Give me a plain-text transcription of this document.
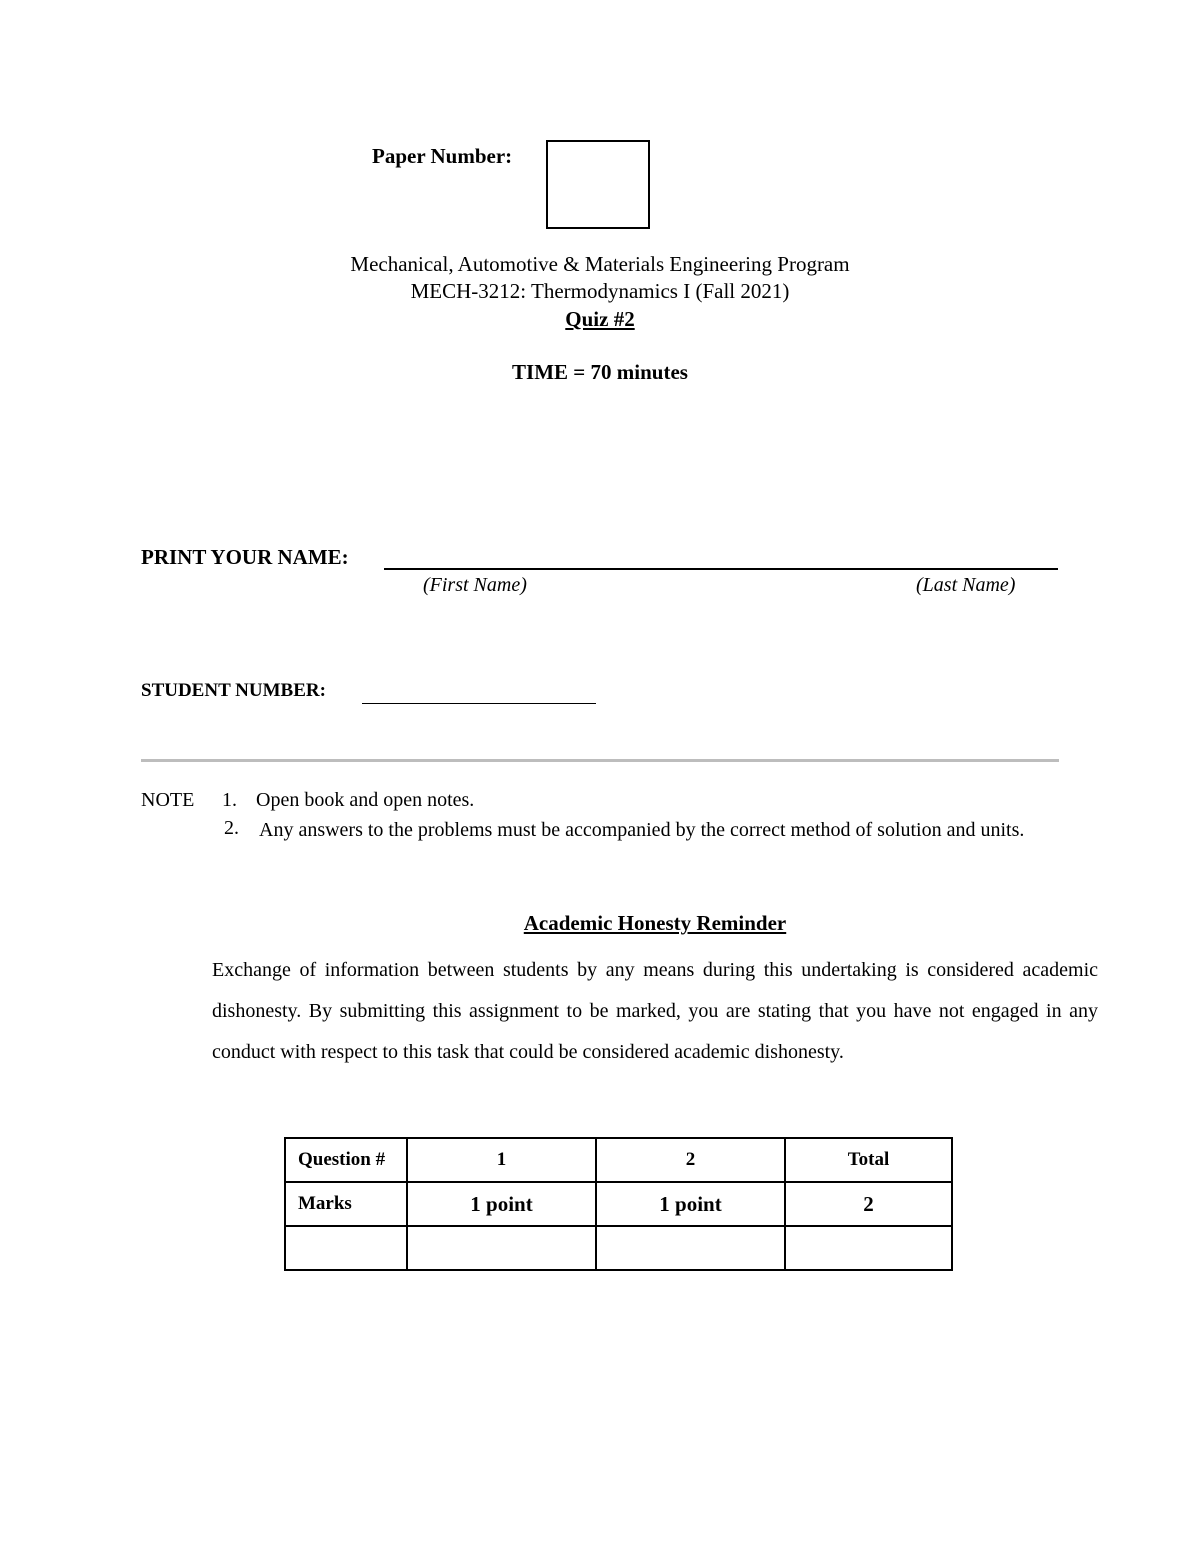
Paper Number:
Mechanical, Automotive & Materials Engineering Program
MECH-3212: Thermodynamics I (Fall 2021)
Quiz #2
TIME = 70 minutes
PRINT YOUR NAME:
(First Name)	(Last Name)
STUDENT NUMBER:
NOTE 1. Open book and open notes.
2. Any answers to the problems must be accompanied by the correct method of solution and units.
Academic Honesty Reminder
Exchange of information between students by any means during this undertaking is considered academic dishonesty. By submitting this assignment to be marked, you are stating that you have not engaged in any conduct with respect to this task that could be considered academic dishonesty.
Question #	1	2	Total
Marks	1 point	1 point	2
